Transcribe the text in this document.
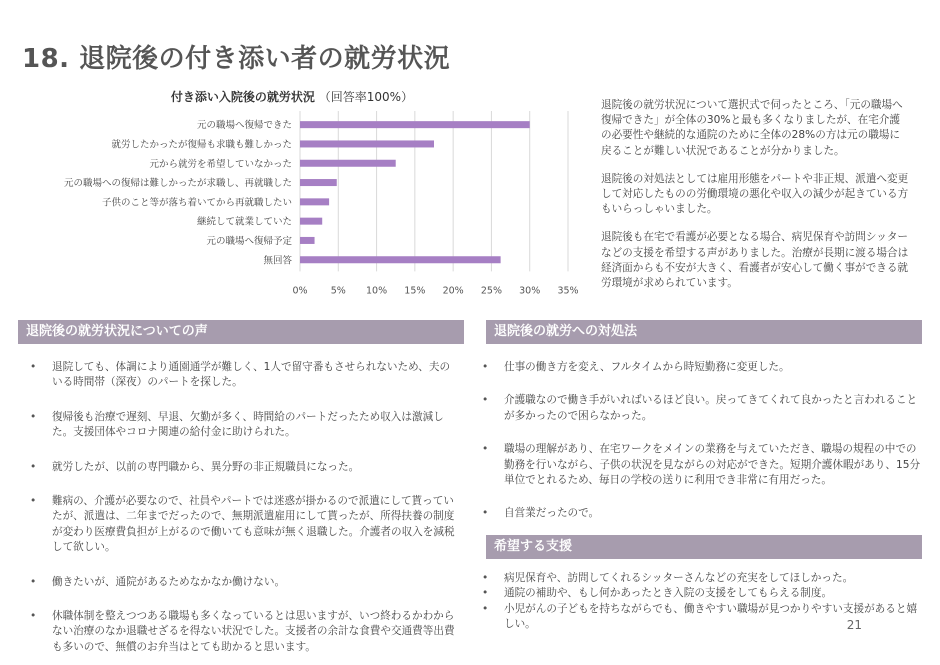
18. 退院後の付き添い者の就労状況
付き添い入院後の就労状況 （回答率100%）
元の職場へ復帰できた
就労したかったが復帰も求職も難しかった
元から就労を希望していなかった
元の職場への復帰は難しかったが求職し、再就職した
子供のこと等が落ち着いてから再就職したい
継続して就業していた
元の職場へ復帰予定
無回答
0% 5% 10% 15% 20% 25% 30% 35%

退院後の就労状況について選択式で伺ったところ、「元の職場へ復帰できた」が全体の30%と最も多くなりましたが、在宅介護の必要性や継続的な通院のために全体の28%の方は元の職場に戻ることが難しい状況であることが分かりました。

退院後の対処法としては雇用形態をパートや非正規、派遣へ変更して対応したものの労働環境の悪化や収入の減少が起きている方もいらっしゃいました。

退院後も在宅で看護が必要となる場合、病児保育や訪問シッターなどの支援を希望する声がありました。治療が長期に渡る場合は経済面からも不安が大きく、看護者が安心して働く事ができる就労環境が求められています。

退院後の就労状況についての声
• 退院しても、体調により通園通学が難しく、1人で留守番もさせられないため、夫のいる時間帯（深夜）のパートを探した。
• 復帰後も治療で遅刻、早退、欠勤が多く、時間給のパートだったため収入は激減した。支援団体やコロナ関連の給付金に助けられた。
• 就労したが、以前の専門職から、異分野の非正規職員になった。
• 難病の、介護が必要なので、社員やパートでは迷惑が掛かるので派遣にして貰っていたが、派遣は、二年までだったので、無期派遣雇用にして貰ったが、所得扶養の制度が変わり医療費負担が上がるので働いても意味が無く退職した。介護者の収入を減税して欲しい。
• 働きたいが、通院があるためなかなか働けない。
• 休職体制を整えつつある職場も多くなっているとは思いますが、いつ終わるかわからない治療のなか退職せざるを得ない状況でした。支援者の余計な食費や交通費等出費も多いので、無償のお弁当はとても助かると思います。
退院後の就労への対処法
• 仕事の働き方を変え、フルタイムから時短勤務に変更した。
• 介護職なので働き手がいればいるほど良い。戻ってきてくれて良かったと言われることが多かったので困らなかった。
• 職場の理解があり、在宅ワークをメインの業務を与えていただき、職場の規程の中での勤務を行いながら、子供の状況を見ながらの対応ができた。短期介護休暇があり、15分単位でとれるため、毎日の学校の送りに利用でき非常に有用だった。
• 自営業だったので。
希望する支援
• 病児保育や、訪問してくれるシッターさんなどの充実をしてほしかった。
• 通院の補助や、もし何かあったとき入院の支援をしてもらえる制度。
• 小児がんの子どもを持ちながらでも、働きやすい職場が見つかりやすい支援があると嬉しい。	21
